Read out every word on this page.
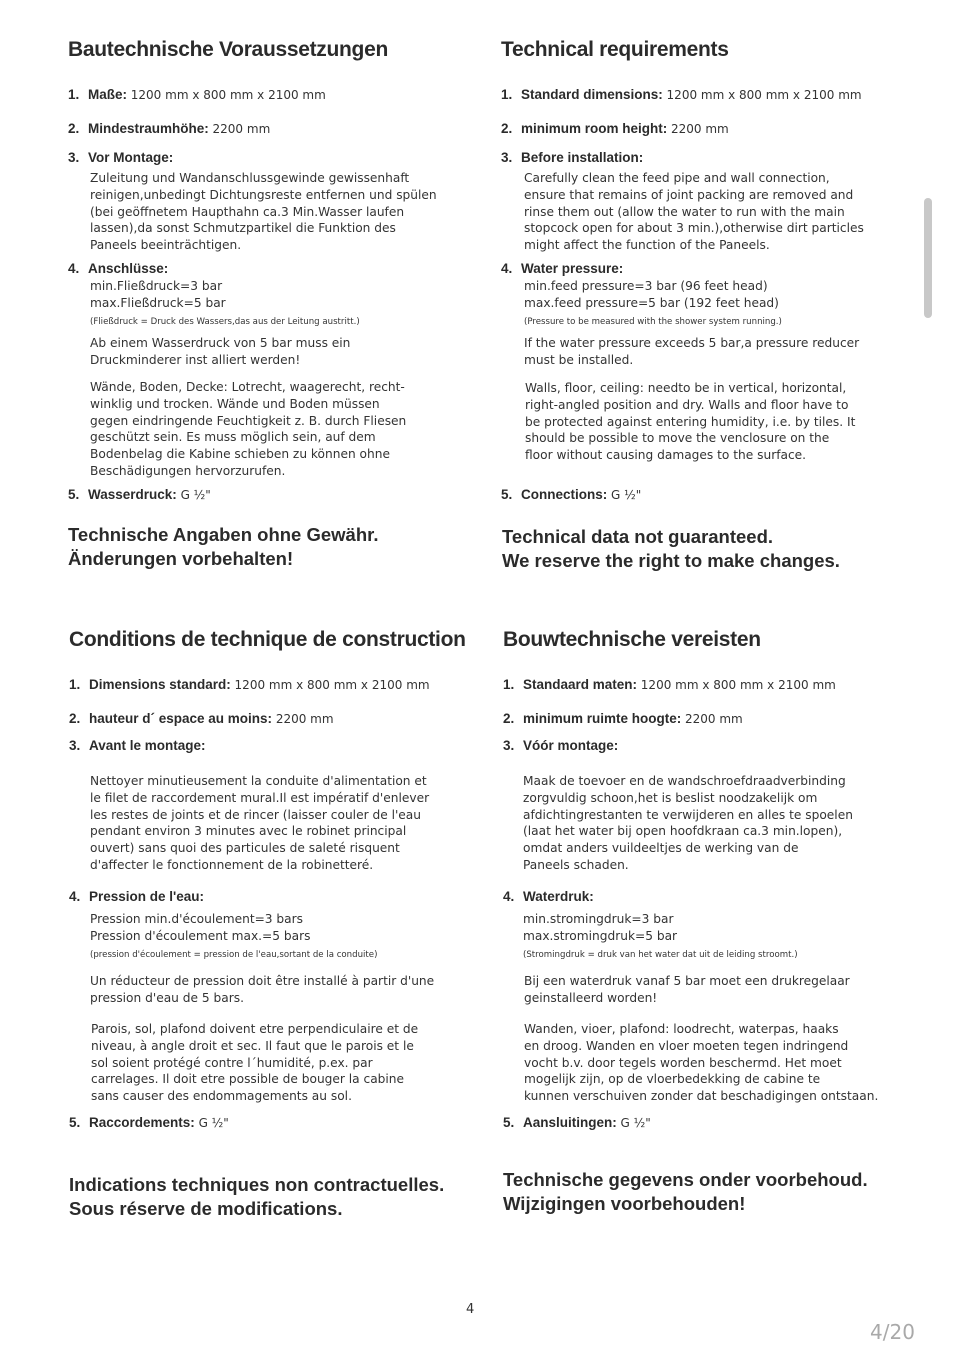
Bautechnische Voraussetzungen
1. Maße: 1200 mm x 800 mm x 2100 mm
2. Mindestraumhöhe: 2200 mm
3. Vor Montage:
Zuleitung und Wandanschlussgewinde gewissenhaft
reinigen,unbedingt Dichtungsreste entfernen und spülen
(bei geöffnetem Haupthahn ca.3 Min.Wasser laufen
lassen),da sonst Schmutzpartikel die Funktion des
Paneels beeinträchtigen.
4. Anschlüsse:
min.Fließdruck=3 bar
max.Fließdruck=5 bar
(Fließdruck = Druck des Wassers,das aus der Leitung austritt.)
Ab einem Wasserdruck von 5 bar muss ein
Druckminderer inst alliert werden!
Wände, Boden, Decke: Lotrecht, waagerecht, recht-
winklig und trocken. Wände und Boden müssen
gegen eindringende Feuchtigkeit z. B. durch Fliesen
geschützt sein. Es muss möglich sein, auf dem
Bodenbelag die Kabine schieben zu können ohne
Beschädigungen hervorzurufen.
5. Wasserdruck: G ½"
Technische Angaben ohne Gewähr.
Änderungen vorbehalten!
Technical requirements
1. Standard dimensions: 1200 mm x 800 mm x 2100 mm
2. minimum room height: 2200 mm
3. Before installation:
Carefully clean the feed pipe and wall connection,
ensure that remains of joint packing are removed and
rinse them out (allow the water to run with the main
stopcock open for about 3 min.),otherwise dirt particles
might affect the function of the Paneels.
4. Water pressure:
min.feed pressure=3 bar (96 feet head)
max.feed pressure=5 bar (192 feet head)
(Pressure to be measured with the shower system running.)
If the water pressure exceeds 5 bar,a pressure reducer
must be installed.
Walls, floor, ceiling: needto be in vertical, horizontal,
right-angled position and dry. Walls and floor have to
be protected against entering humidity, i.e. by tiles. It
should be possible to move the venclosure on the
floor without causing damages to the surface.
5. Connections: G ½"
Technical data not guaranteed.
We reserve the right to make changes.
Conditions de technique de construction
1. Dimensions standard: 1200 mm x 800 mm x 2100 mm
2. hauteur d´ espace au moins: 2200 mm
3. Avant le montage:
Nettoyer minutieusement la conduite d'alimentation et
le filet de raccordement mural.Il est impératif d'enlever
les restes de joints et de rincer (laisser couler de l'eau
pendant environ 3 minutes avec le robinet principal
ouvert) sans quoi des particules de saleté risquent
d'affecter le fonctionnement de la robinetteré.
4. Pression de l'eau:
Pression min.d'écoulement=3 bars
Pression d'écoulement max.=5 bars
(pression d'écoulement = pression de l'eau,sortant de la conduite)
Un réducteur de pression doit être installé à partir d'une
pression d'eau de 5 bars.
Parois, sol, plafond doivent etre perpendiculaire et de
niveau, à angle droit et sec. Il faut que le parois et le
sol soient protégé contre l´humidité, p.ex. par
carrelages. Il doit etre possible de bouger la cabine
sans causer des endommagements au sol.
5. Raccordements: G ½"
Indications techniques non contractuelles.
Sous réserve de modifications.
Bouwtechnische vereisten
1. Standaard maten: 1200 mm x 800 mm x 2100 mm
2. minimum ruimte hoogte: 2200 mm
3. Vóór montage:
Maak de toevoer en de wandschroefdraadverbinding
zorgvuldig schoon,het is beslist noodzakelijk om
afdichtingrestanten te verwijderen en alles te spoelen
(laat het water bij open hoofdkraan ca.3 min.lopen),
omdat anders vuildeeltjes de werking van de
Paneels schaden.
4. Waterdruk:
min.stromingdruk=3 bar
max.stromingdruk=5 bar
(Stromingdruk = druk van het water dat uit de leiding stroomt.)
Bij een waterdruk vanaf 5 bar moet een drukregelaar
geinstalleerd worden!
Wanden, vioer, plafond: loodrecht, waterpas, haaks
en droog. Wanden en vloer moeten tegen indringend
vocht b.v. door tegels worden beschermd. Het moet
mogelijk zijn, op de vloerbedekking de cabine te
kunnen verschuiven zonder dat beschadigingen ontstaan.
5. Aansluitingen: G ½"
Technische gegevens onder voorbehoud.
Wijzigingen voorbehouden!
4
4/20
